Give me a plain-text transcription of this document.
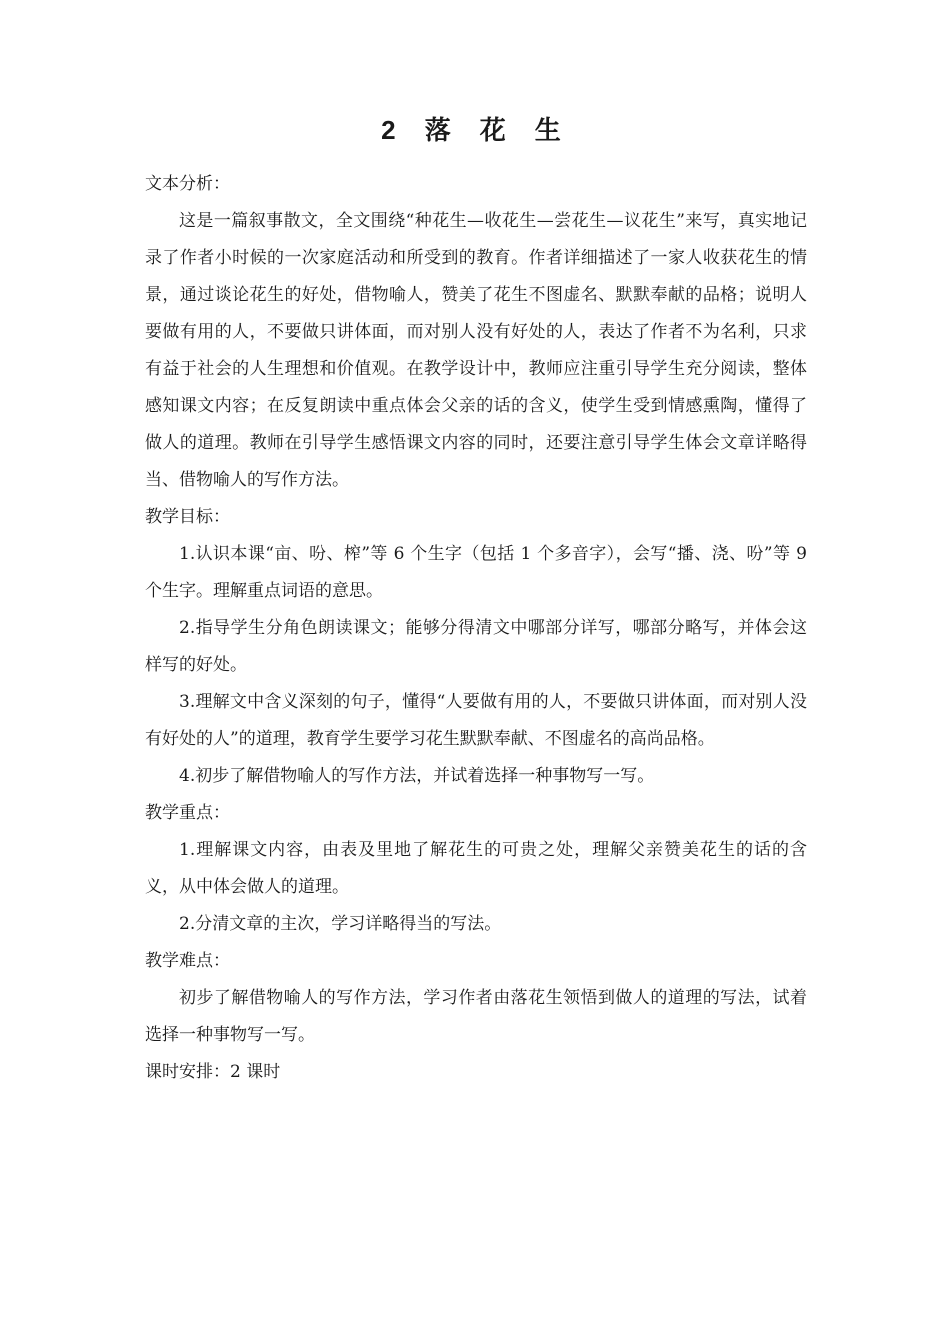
2 落 花 生

文本分析：

这是一篇叙事散文，全文围绕“种花生—收花生—尝花生—议花生”来写，真实地记录了作者小时候的一次家庭活动和所受到的教育。作者详细描述了一家人收获花生的情景，通过谈论花生的好处，借物喻人，赞美了花生不图虚名、默默奉献的品格；说明人要做有用的人，不要做只讲体面，而对别人没有好处的人，表达了作者不为名利，只求有益于社会的人生理想和价值观。在教学设计中，教师应注重引导学生充分阅读，整体感知课文内容；在反复朗读中重点体会父亲的话的含义，使学生受到情感熏陶，懂得了做人的道理。教师在引导学生感悟课文内容的同时，还要注意引导学生体会文章详略得当、借物喻人的写作方法。

教学目标：

1.认识本课“亩、吩、榨”等 6 个生字（包括 1 个多音字），会写“播、浇、吩”等 9 个生字。理解重点词语的意思。

2.指导学生分角色朗读课文；能够分得清文中哪部分详写，哪部分略写，并体会这样写的好处。

3.理解文中含义深刻的句子，懂得“人要做有用的人，不要做只讲体面，而对别人没有好处的人”的道理，教育学生要学习花生默默奉献、不图虚名的高尚品格。

4.初步了解借物喻人的写作方法，并试着选择一种事物写一写。

教学重点：

1.理解课文内容，由表及里地了解花生的可贵之处，理解父亲赞美花生的话的含义，从中体会做人的道理。

2.分清文章的主次，学习详略得当的写法。

教学难点：

初步了解借物喻人的写作方法，学习作者由落花生领悟到做人的道理的写法，试着选择一种事物写一写。

课时安排：2 课时
